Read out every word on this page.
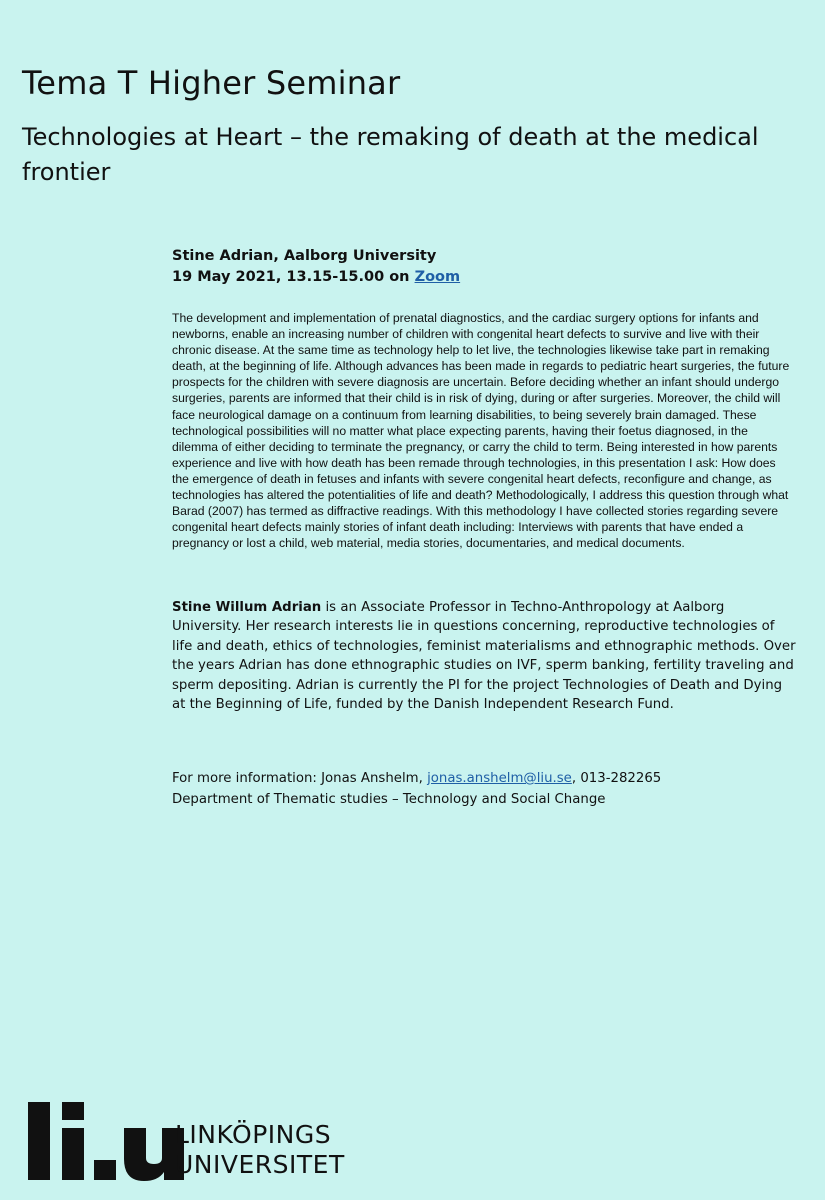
Tema T Higher Seminar
Technologies at Heart – the remaking of death at the medical frontier
Stine Adrian, Aalborg University
19 May 2021, 13.15-15.00 on Zoom

The development and implementation of prenatal diagnostics, and the cardiac surgery options for infants and newborns, enable an increasing number of children with congenital heart defects to survive and live with their chronic disease. At the same time as technology help to let live, the technologies likewise take part in remaking death, at the beginning of life. Although advances has been made in regards to pediatric heart surgeries, the future prospects for the children with severe diagnosis are uncertain. Before deciding whether an infant should undergo surgeries, parents are informed that their child is in risk of dying, during or after surgeries. Moreover, the child will face neurological damage on a continuum from learning disabilities, to being severely brain damaged. These technological possibilities will no matter what place expecting parents, having their foetus diagnosed, in the dilemma of either deciding to terminate the pregnancy, or carry the child to term. Being interested in how parents experience and live with how death has been remade through technologies, in this presentation I ask: How does the emergence of death in fetuses and infants with severe congenital heart defects, reconfigure and change, as technologies has altered the potentialities of life and death? Methodologically, I address this question through what Barad (2007) has termed as diffractive readings. With this methodology I have collected stories regarding severe congenital heart defects mainly stories of infant death including: Interviews with parents that have ended a pregnancy or lost a child, web material, media stories, documentaries, and medical documents.

Stine Willum Adrian is an Associate Professor in Techno-Anthropology at Aalborg University. Her research interests lie in questions concerning, reproductive technologies of life and death, ethics of technologies, feminist materialisms and ethnographic methods. Over the years Adrian has done ethnographic studies on IVF, sperm banking, fertility traveling and sperm depositing. Adrian is currently the PI for the project Technologies of Death and Dying at the Beginning of Life, funded by the Danish Independent Research Fund.

For more information: Jonas Anshelm, jonas.anshelm@liu.se, 013-282265
Department of Thematic studies – Technology and Social Change
LINKÖPINGS
UNIVERSITET
